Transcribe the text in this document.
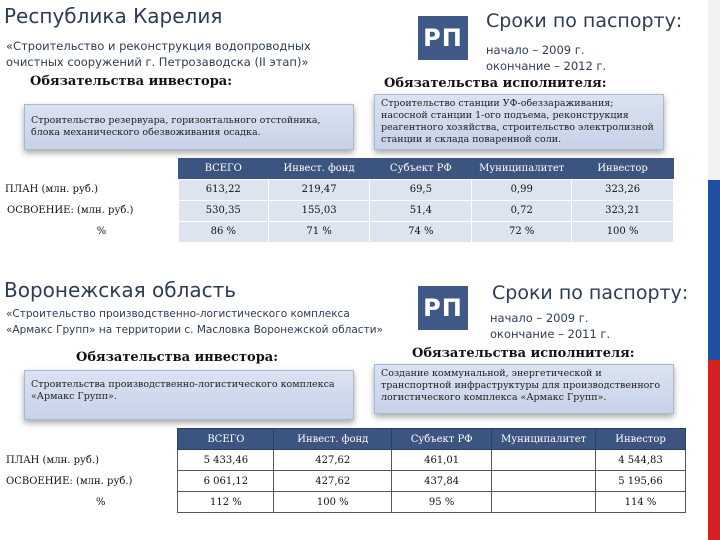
Республика Карелия
«Строительство и реконструкция водопроводных
очистных сооружений г. Петрозаводска (II этап)»
РП
Сроки по паспорту:
начало – 2009 г.
окончание – 2012 г.
Обязательства инвестора:	Обязательства исполнителя:
Строительство резервуара, горизонтального отстойника, блока механического обезвоживания осадка.
Строительство станции УФ-обеззараживания; насосной станции 1-ого подъема, реконструкция реагентного хозяйства, строительство электролизной станции и склада поваренной соли.
	ВСЕГО	Инвест. фонд	Субъект РФ	Муниципалитет	Инвестор
ПЛАН (млн. руб.)	613,22	219,47	69,5	0,99	323,26
ОСВОЕНИЕ: (млн. руб.)	530,35	155,03	51,4	0,72	323,21
%	86 %	71 %	74 %	72 %	100 %
Воронежская область
«Строительство производственно-логистического комплекса
«Армакс Групп» на территории с. Масловка Воронежской области»
РП
Сроки по паспорту:
начало – 2009 г.
окончание – 2011 г.
Обязательства инвестора:	Обязательства исполнителя:
Строительства производственно-логистического комплекса «Армакс Групп».
Создание коммунальной, энергетической и транспортной инфраструктуры для производственного логистического комплекса «Армакс Групп».
	ВСЕГО	Инвест. фонд	Субъект РФ	Муниципалитет	Инвестор
ПЛАН (млн. руб.)	5 433,46	427,62	461,01		4 544,83
ОСВОЕНИЕ: (млн. руб.)	6 061,12	427,62	437,84		5 195,66
%	112 %	100 %	95 %		114 %
